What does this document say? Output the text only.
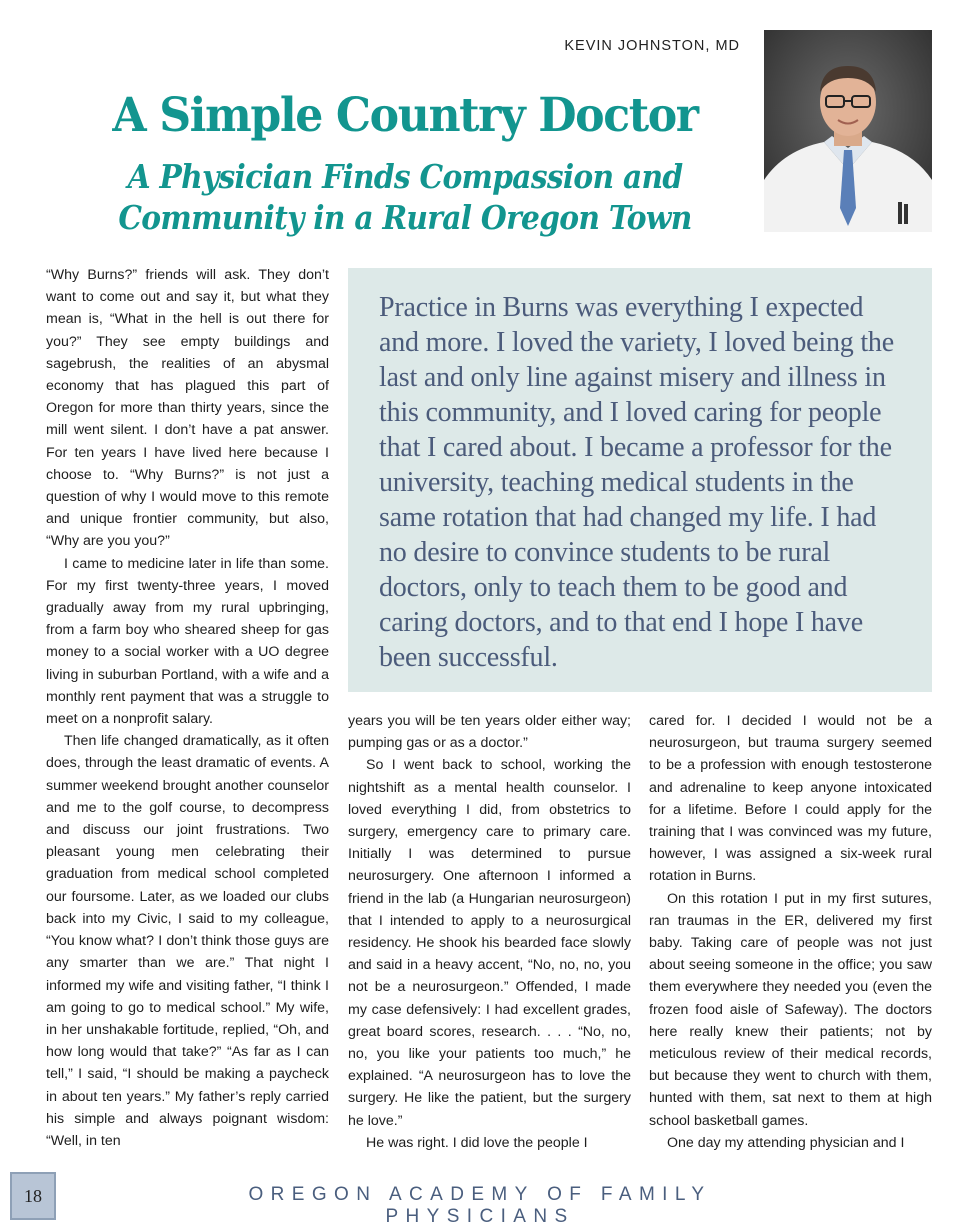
KEVIN JOHNSTON, MD
A Simple Country Doctor
A Physician Finds Compassion and
Community in a Rural Oregon Town

“Why Burns?” friends will ask. They don’t want to come out and say it, but what they mean is, “What in the hell is out there for you?” They see empty buildings and sagebrush, the realities of an abysmal economy that has plagued this part of Oregon for more than thirty years, since the mill went silent. I don’t have a pat answer. For ten years I have lived here because I choose to. “Why Burns?” is not just a question of why I would move to this remote and unique frontier community, but also, “Why are you you?”

I came to medicine later in life than some. For my first twenty-three years, I moved gradually away from my rural upbringing, from a farm boy who sheared sheep for gas money to a social worker with a UO degree living in suburban Portland, with a wife and a monthly rent payment that was a struggle to meet on a nonprofit salary.

Then life changed dramatically, as it often does, through the least dramatic of events. A summer weekend brought another counselor and me to the golf course, to decompress and discuss our joint frustrations. Two pleasant young men celebrating their graduation from medical school completed our foursome. Later, as we loaded our clubs back into my Civic, I said to my colleague, “You know what? I don’t think those guys are any smarter than we are.” That night I informed my wife and visiting father, “I think I am going to go to medical school.” My wife, in her unshakable fortitude, replied, “Oh, and how long would that take?” “As far as I can tell,” I said, “I should be making a paycheck in about ten years.” My father’s reply carried his simple and always poignant wisdom: “Well, in ten

Practice in Burns was everything I expected and more. I loved the variety, I loved being the last and only line against misery and illness in this community, and I loved caring for people that I cared about. I became a professor for the university, teaching medical students in the same rotation that had changed my life. I had no desire to convince students to be rural doctors, only to teach them to be good and caring doctors, and to that end I hope I have been successful.

years you will be ten years older either way; pumping gas or as a doctor.”

So I went back to school, working the nightshift as a mental health counselor. I loved everything I did, from obstetrics to surgery, emergency care to primary care. Initially I was determined to pursue neurosurgery. One afternoon I informed a friend in the lab (a Hungarian neurosurgeon) that I intended to apply to a neurosurgical residency. He shook his bearded face slowly and said in a heavy accent, “No, no, no, you not be a neurosurgeon.” Offended, I made my case defensively: I had excellent grades, great board scores, research. . . . “No, no, no, you like your patients too much,” he explained. “A neurosurgeon has to love the surgery. He like the patient, but the surgery he love.”

He was right. I did love the people I

cared for. I decided I would not be a neurosurgeon, but trauma surgery seemed to be a profession with enough testosterone and adrenaline to keep anyone intoxicated for a lifetime. Before I could apply for the training that I was convinced was my future, however, I was assigned a six-week rural rotation in Burns.

On this rotation I put in my first sutures, ran traumas in the ER, delivered my first baby. Taking care of people was not just about seeing someone in the office; you saw them everywhere they needed you (even the frozen food aisle of Safeway). The doctors here really knew their patients; not by meticulous review of their medical records, but because they went to church with them, hunted with them, sat next to them at high school basketball games.

One day my attending physician and I

18	OREGON ACADEMY OF FAMILY PHYSICIANS
